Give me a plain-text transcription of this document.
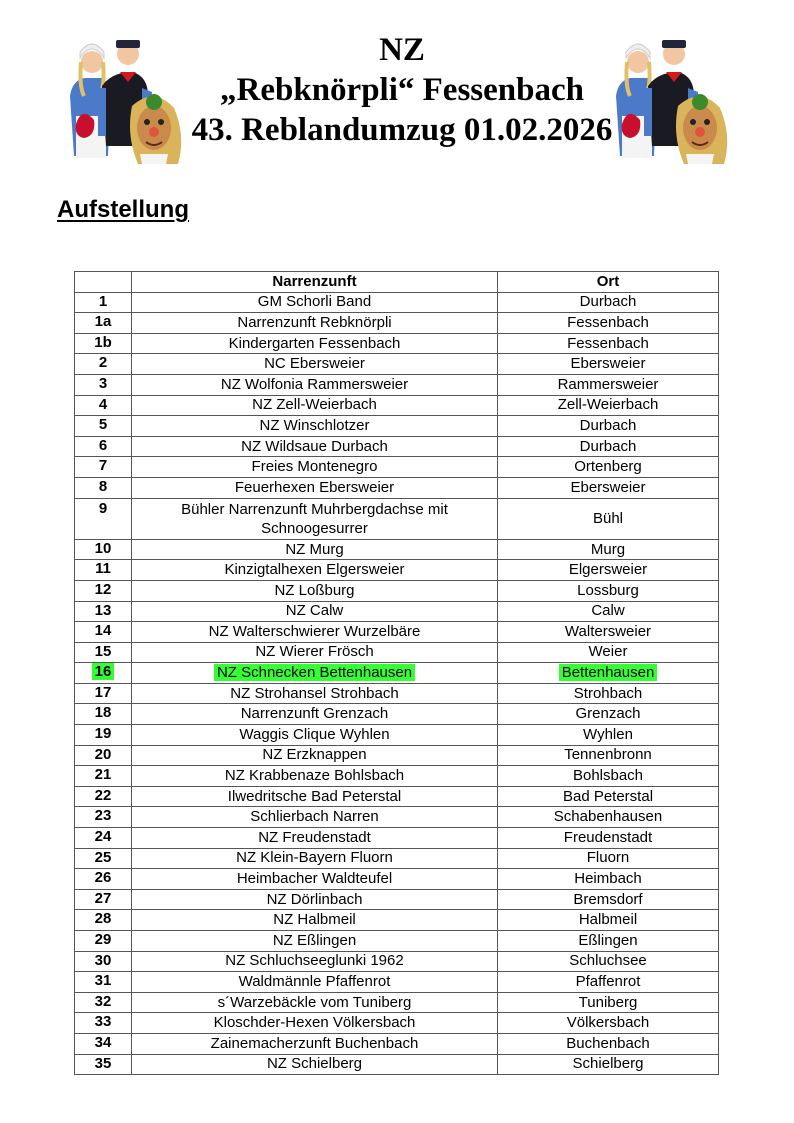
NZ
„Rebknörpli“ Fessenbach
43. Reblandumzug 01.02.2026
Aufstellung
	Narrenzunft	Ort
1	GM Schorli Band	Durbach
1a	Narrenzunft Rebknörpli	Fessenbach
1b	Kindergarten Fessenbach	Fessenbach
2	NC Ebersweier	Ebersweier
3	NZ Wolfonia Rammersweier	Rammersweier
4	NZ Zell-Weierbach	Zell-Weierbach
5	NZ Winschlotzer	Durbach
6	NZ Wildsaue Durbach	Durbach
7	Freies Montenegro	Ortenberg
8	Feuerhexen Ebersweier	Ebersweier
9	Bühler Narrenzunft Muhrbergdachse mit Schnoogesurrer	Bühl
10	NZ Murg	Murg
11	Kinzigtalhexen Elgersweier	Elgersweier
12	NZ Loßburg	Lossburg
13	NZ Calw	Calw
14	NZ Walterschwierer Wurzelbäre	Waltersweier
15	NZ Wierer Frösch	Weier
16	NZ Schnecken Bettenhausen	Bettenhausen
17	NZ Strohansel Strohbach	Strohbach
18	Narrenzunft Grenzach	Grenzach
19	Waggis Clique Wyhlen	Wyhlen
20	NZ Erzknappen	Tennenbronn
21	NZ Krabbenaze Bohlsbach	Bohlsbach
22	Ilwedritsche Bad Peterstal	Bad Peterstal
23	Schlierbach Narren	Schabenhausen
24	NZ Freudenstadt	Freudenstadt
25	NZ Klein-Bayern Fluorn	Fluorn
26	Heimbacher Waldteufel	Heimbach
27	NZ Dörlinbach	Bremsdorf
28	NZ Halbmeil	Halbmeil
29	NZ Eßlingen	Eßlingen
30	NZ Schluchseeglunki 1962	Schluchsee
31	Waldmännle Pfaffenrot	Pfaffenrot
32	s´Warzebäckle vom Tuniberg	Tuniberg
33	Kloschder-Hexen Völkersbach	Völkersbach
34	Zainemacherzunft Buchenbach	Buchenbach
35	NZ Schielberg	Schielberg
